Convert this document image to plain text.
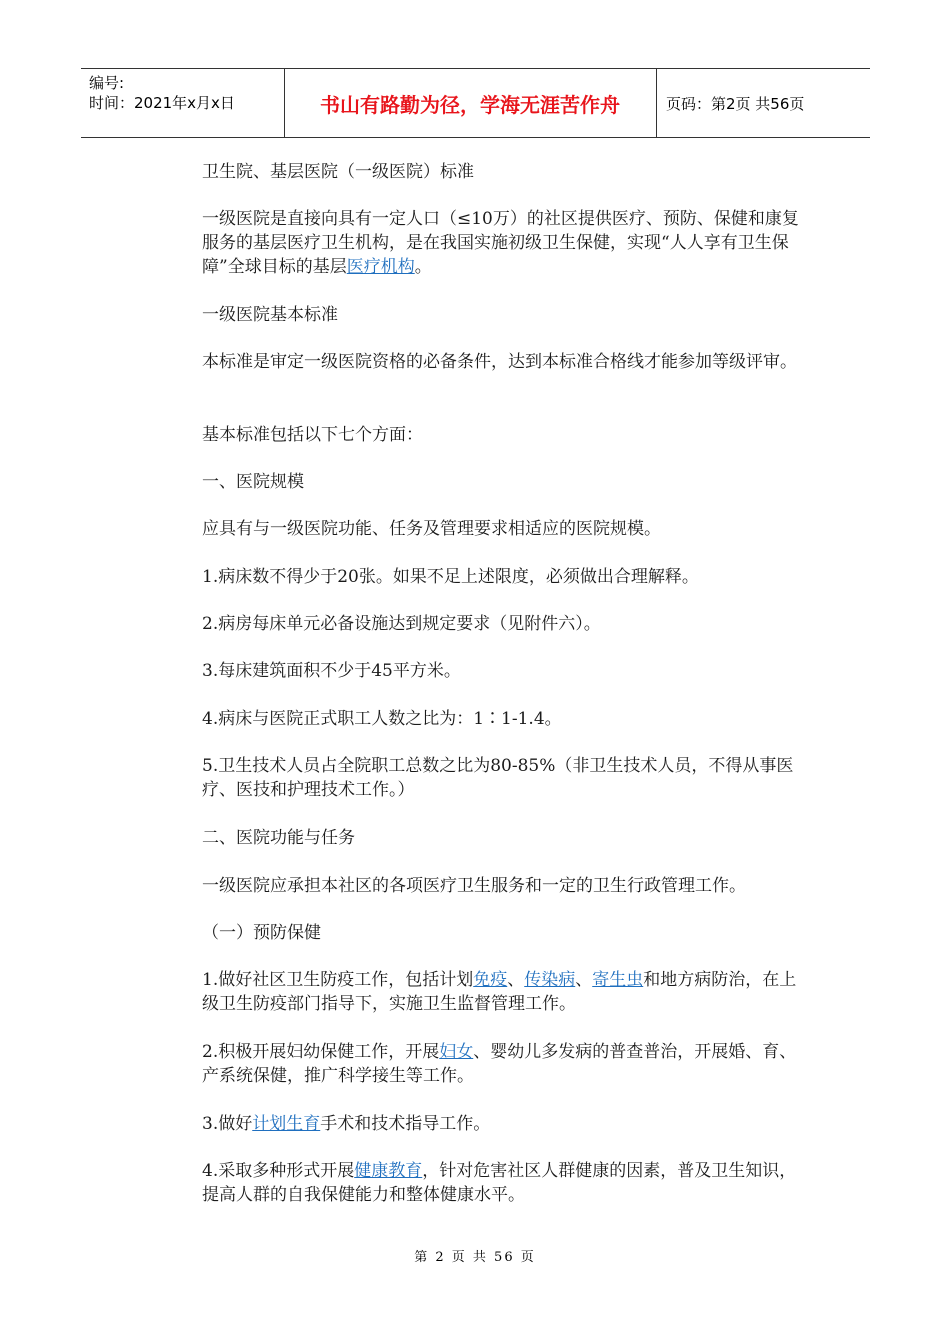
编号:
时间：2021年x月x日	书山有路勤为径，学海无涯苦作舟	页码：第2页 共56页

卫生院、基层医院（一级医院）标准

一级医院是直接向具有一定人口（≤10万）的社区提供医疗、预防、保健和康复服务的基层医疗卫生机构，是在我国实施初级卫生保健，实现“人人享有卫生保障”全球目标的基层医疗机构。

一级医院基本标准

本标准是审定一级医院资格的必备条件，达到本标准合格线才能参加等级评审。

基本标准包括以下七个方面：

一、医院规模

应具有与一级医院功能、任务及管理要求相适应的医院规模。

1.病床数不得少于20张。如果不足上述限度，必须做出合理解释。

2.病房每床单元必备设施达到规定要求（见附件六）。

3.每床建筑面积不少于45平方米。

4.病床与医院正式职工人数之比为：1∶1-1.4。

5.卫生技术人员占全院职工总数之比为80-85%（非卫生技术人员，不得从事医疗、医技和护理技术工作。）

二、医院功能与任务

一级医院应承担本社区的各项医疗卫生服务和一定的卫生行政管理工作。

（一）预防保健

1.做好社区卫生防疫工作，包括计划免疫、传染病、寄生虫和地方病防治，在上级卫生防疫部门指导下，实施卫生监督管理工作。

2.积极开展妇幼保健工作，开展妇女、婴幼儿多发病的普查普治，开展婚、育、产系统保健，推广科学接生等工作。

3.做好计划生育手术和技术指导工作。

4.采取多种形式开展健康教育，针对危害社区人群健康的因素，普及卫生知识，提高人群的自我保健能力和整体健康水平。

第 2 页 共 56 页
